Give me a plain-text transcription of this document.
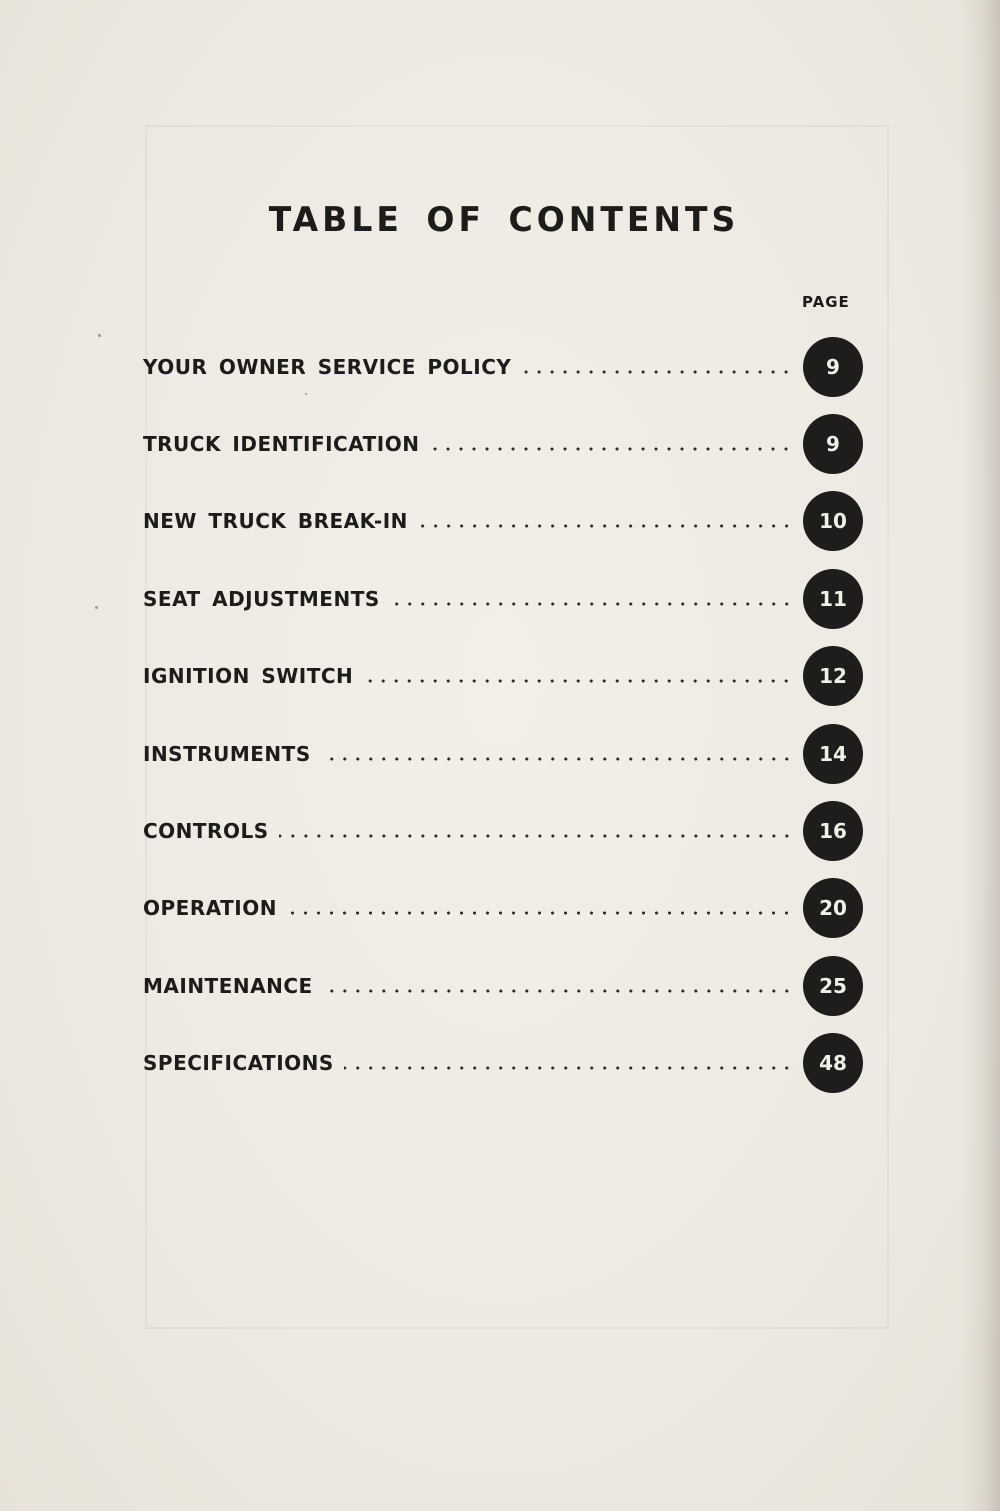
TABLE OF CONTENTS
PAGE
YOUR OWNER SERVICE POLICY	9
TRUCK IDENTIFICATION	9
NEW TRUCK BREAK-IN	10
SEAT ADJUSTMENTS	11
IGNITION SWITCH	12
INSTRUMENTS	14
CONTROLS	16
OPERATION	20
MAINTENANCE	25
SPECIFICATIONS	48
